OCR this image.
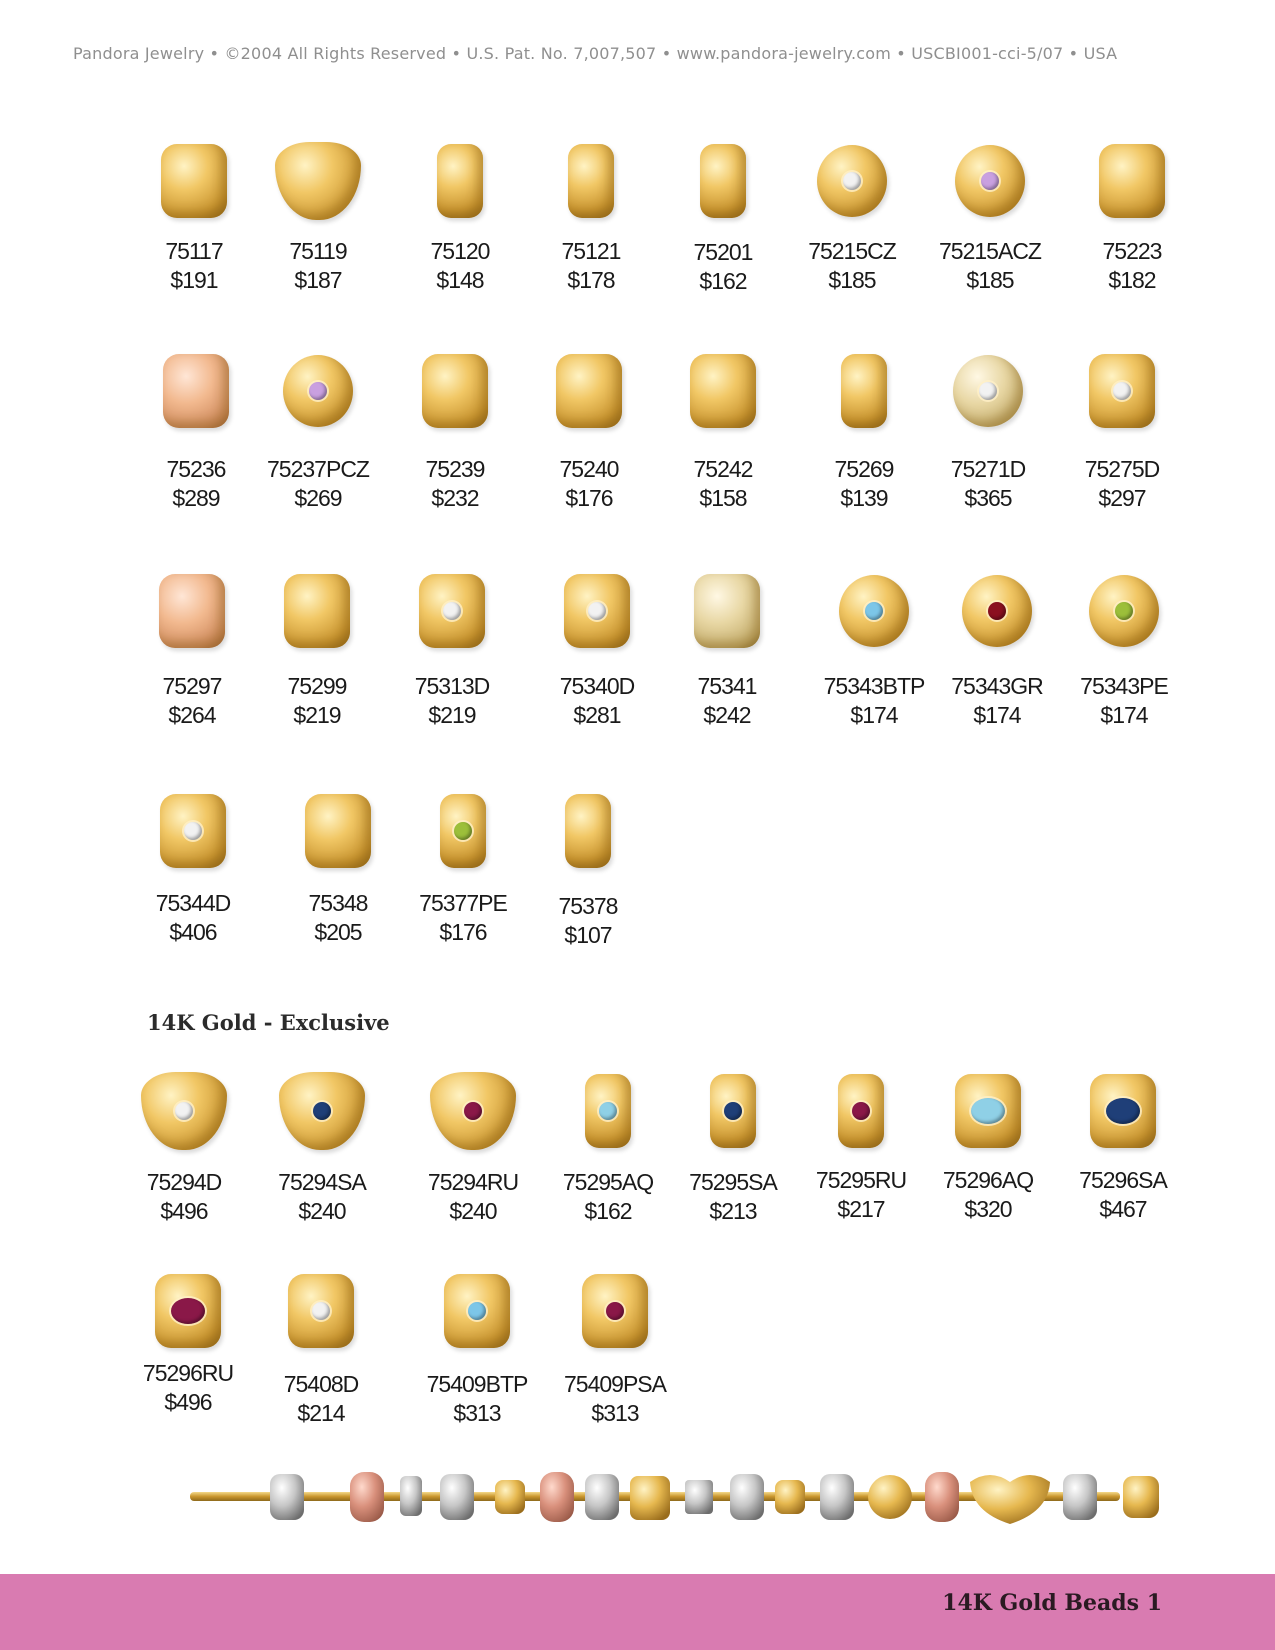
Pandora Jewelry • ©2004 All Rights Reserved • U.S. Pat. No. 7,007,507 • www.pandora-jewelry.com • USCBI001-cci-5/07 • USA
75117
$191
75119
$187
75120
$148
75121
$178
75201
$162
75215CZ
$185
75215ACZ
$185
75223
$182
75236
$289
75237PCZ
$269
75239
$232
75240
$176
75242
$158
75269
$139
75271D
$365
75275D
$297
75297
$264
75299
$219
75313D
$219
75340D
$281
75341
$242
75343BTP
$174
75343GR
$174
75343PE
$174
75344D
$406
75348
$205
75377PE
$176
75378
$107
75294D
$496
75294SA
$240
75294RU
$240
75295AQ
$162
75295SA
$213
75295RU
$217
75296AQ
$320
75296SA
$467
75296RU
$496
75408D
$214
75409BTP
$313
75409PSA
$313
14K Gold - Exclusive
14K Gold Beads 1
